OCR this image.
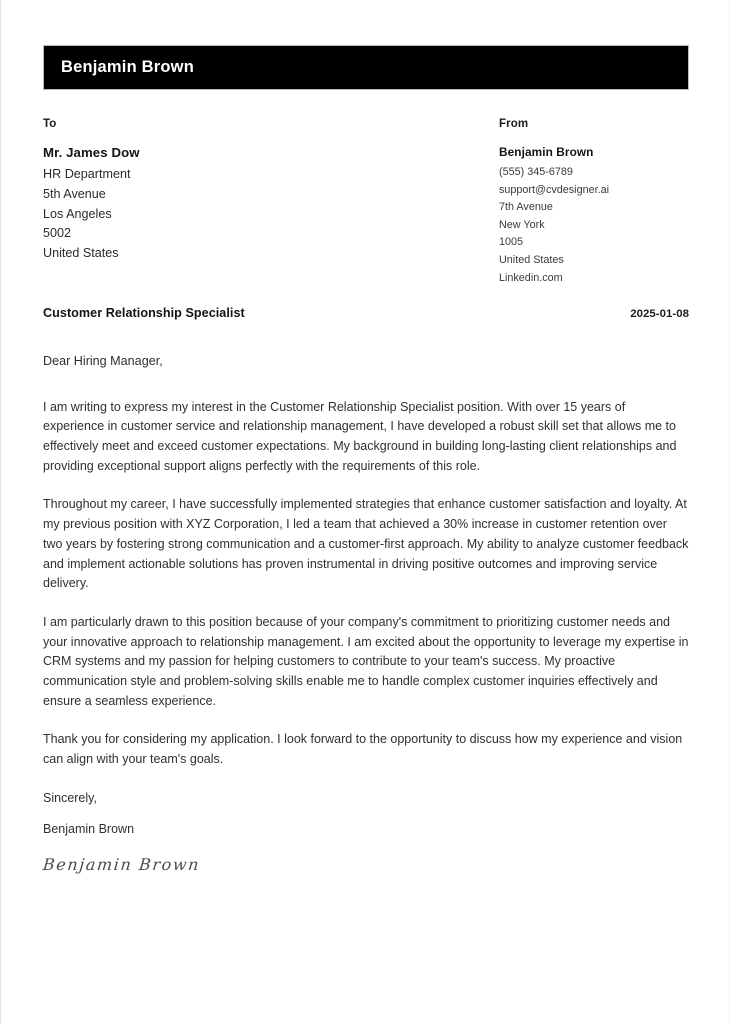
Benjamin Brown
To
Mr. James Dow
HR Department
5th Avenue
Los Angeles
5002
United States
From
Benjamin Brown
(555) 345-6789
support@cvdesigner.ai
7th Avenue
New York
1005
United States
Linkedin.com
Customer Relationship Specialist	2025-01-08

Dear Hiring Manager,

I am writing to express my interest in the Customer Relationship Specialist position. With over 15 years of experience in customer service and relationship management, I have developed a robust skill set that allows me to effectively meet and exceed customer expectations. My background in building long-lasting client relationships and providing exceptional support aligns perfectly with the requirements of this role.

Throughout my career, I have successfully implemented strategies that enhance customer satisfaction and loyalty. At my previous position with XYZ Corporation, I led a team that achieved a 30% increase in customer retention over two years by fostering strong communication and a customer-first approach. My ability to analyze customer feedback and implement actionable solutions has proven instrumental in driving positive outcomes and improving service delivery.

I am particularly drawn to this position because of your company's commitment to prioritizing customer needs and your innovative approach to relationship management. I am excited about the opportunity to leverage my expertise in CRM systems and my passion for helping customers to contribute to your team's success. My proactive communication style and problem-solving skills enable me to handle complex customer inquiries effectively and ensure a seamless experience.

Thank you for considering my application. I look forward to the opportunity to discuss how my experience and vision can align with your team's goals.

Sincerely,

Benjamin Brown

Benjamin Brown
